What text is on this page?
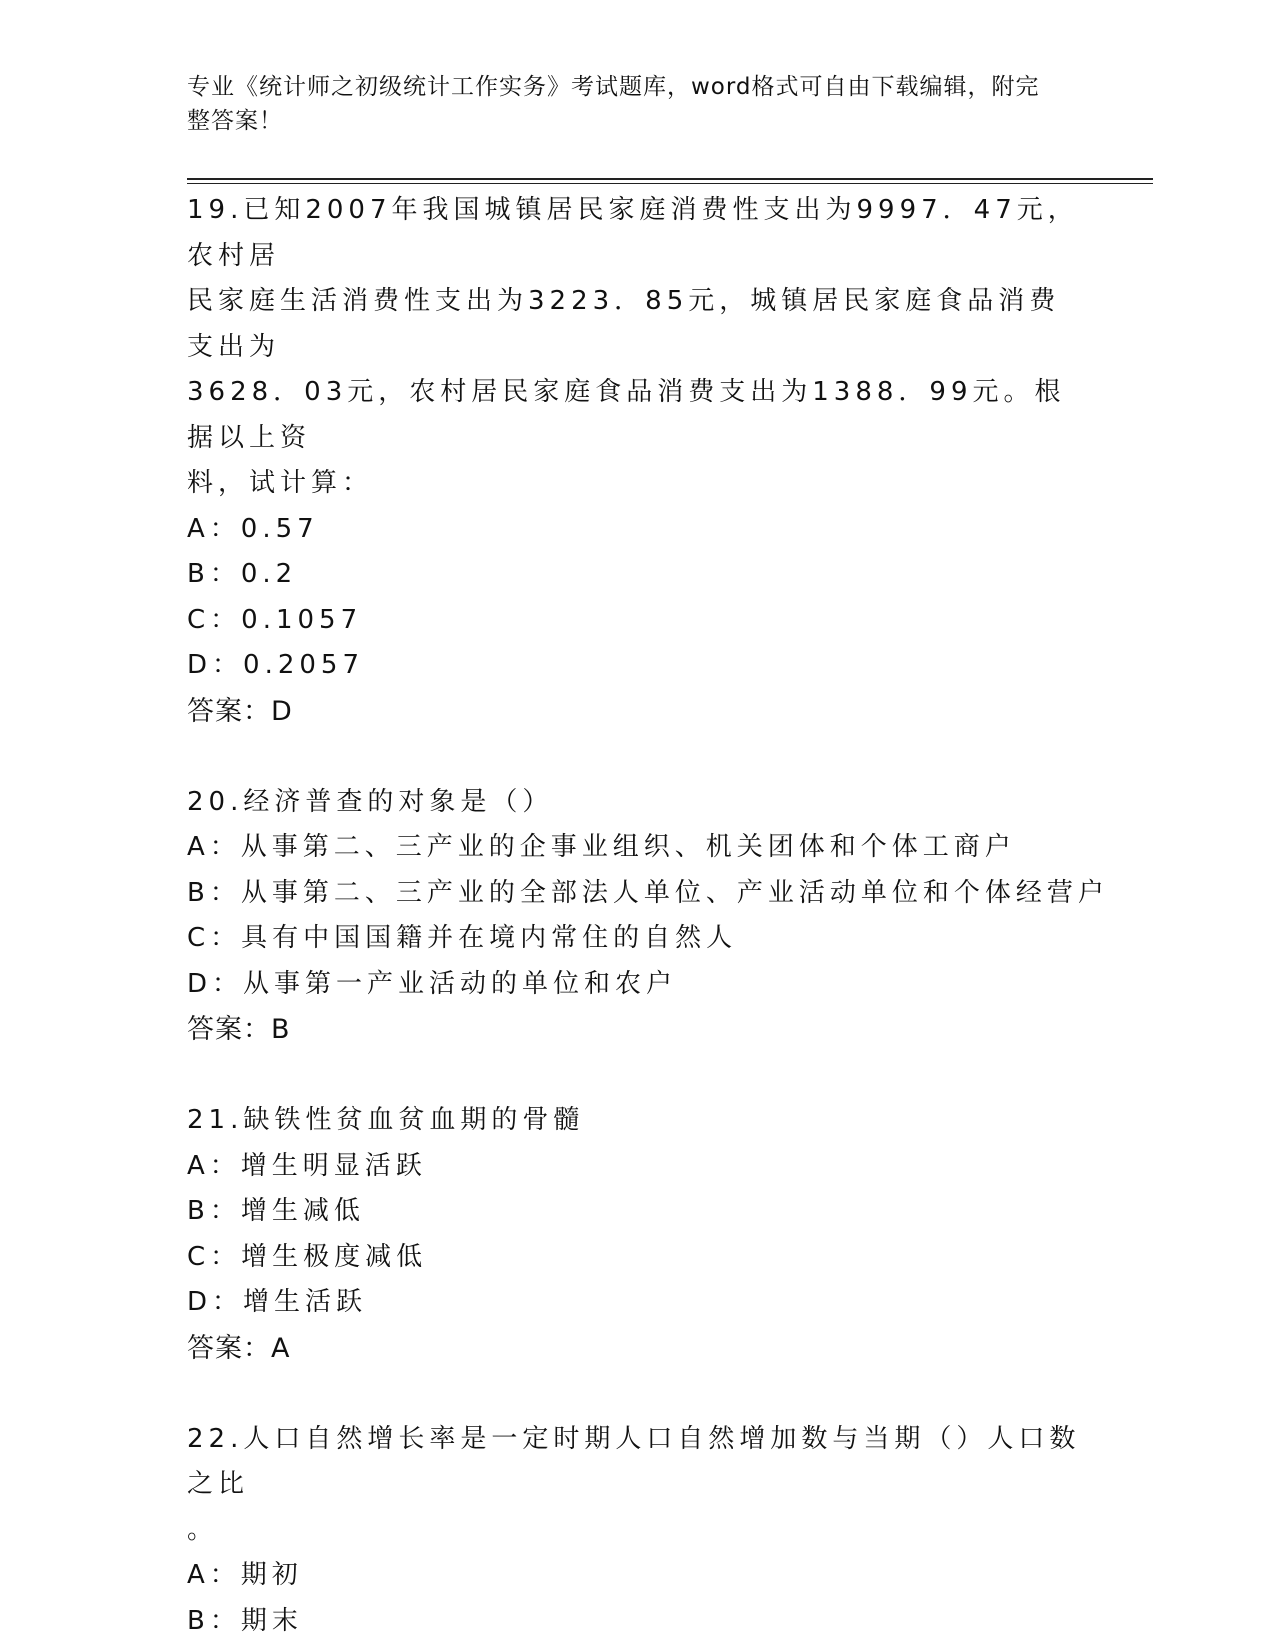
专业《统计师之初级统计工作实务》考试题库，word格式可自由下载编辑，附完
整答案！

19.已知2007年我国城镇居民家庭消费性支出为9997．47元，农村居

民家庭生活消费性支出为3223．85元，城镇居民家庭食品消费支出为

3628．03元，农村居民家庭食品消费支出为1388．99元。根据以上资

料，试计算：

A：0.57

B：0.2

C：0.1057

D：0.2057

答案：D

20.经济普查的对象是（）

A：从事第二、三产业的企事业组织、机关团体和个体工商户

B：从事第二、三产业的全部法人单位、产业活动单位和个体经营户

C：具有中国国籍并在境内常住的自然人

D：从事第一产业活动的单位和农户

答案：B

21.缺铁性贫血贫血期的骨髓

A：增生明显活跃

B：增生减低

C：增生极度减低

D：增生活跃

答案：A

22.人口自然增长率是一定时期人口自然增加数与当期（）人口数之比

。

A：期初

B：期末
